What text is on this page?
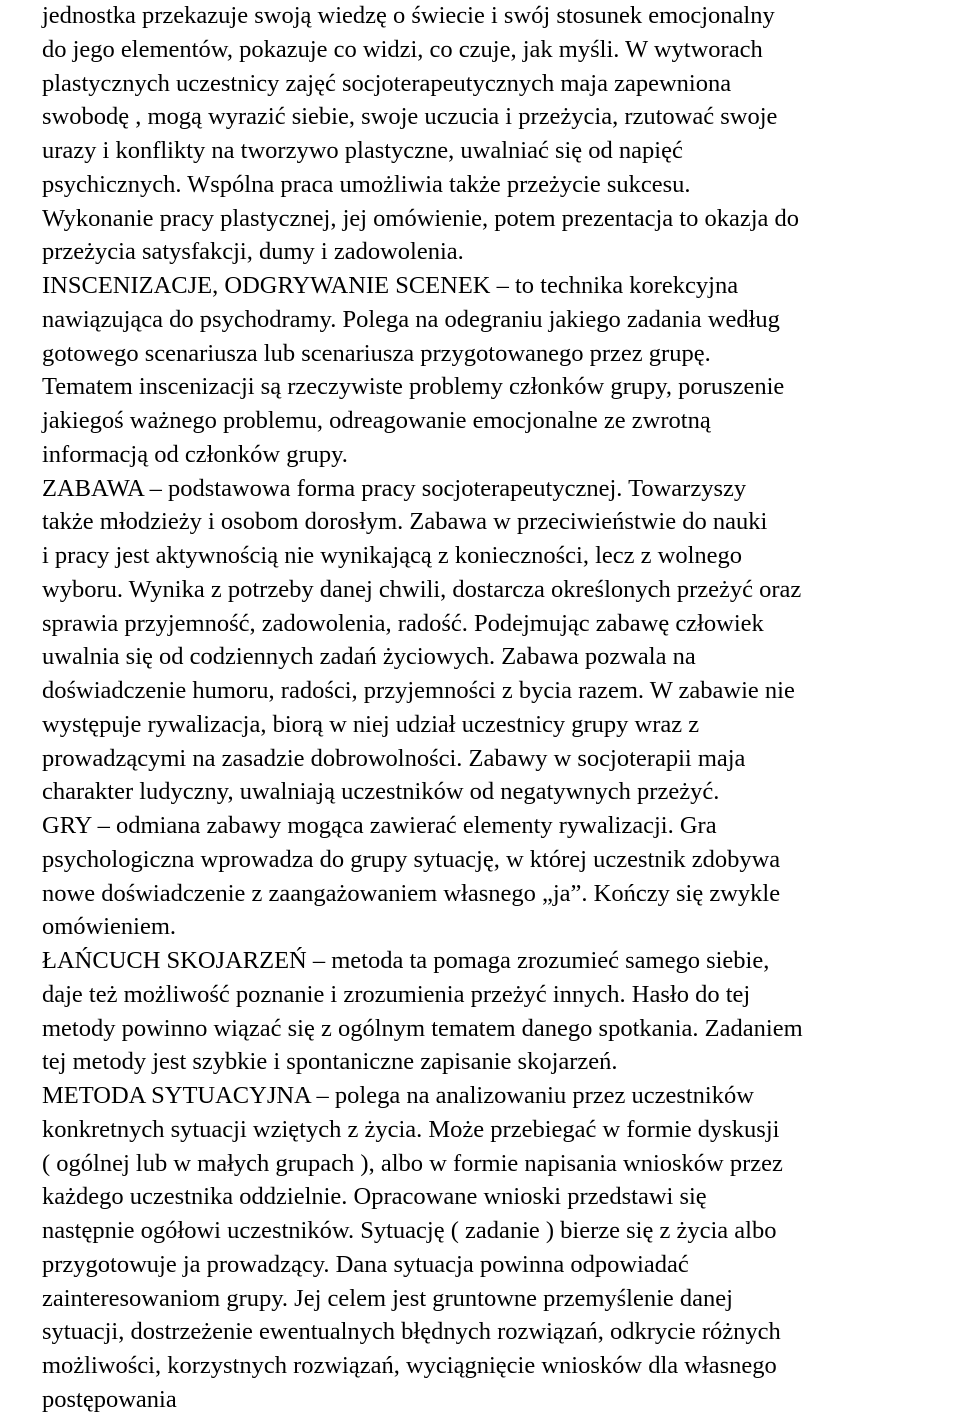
jednostka przekazuje swoją wiedzę o świecie i swój stosunek emocjonalny
do jego elementów, pokazuje co widzi, co czuje, jak myśli. W wytworach
plastycznych uczestnicy zajęć socjoterapeutycznych maja zapewniona
swobodę , mogą wyrazić siebie, swoje uczucia i przeżycia, rzutować swoje
urazy i konflikty na tworzywo plastyczne, uwalniać się od napięć
psychicznych. Wspólna praca umożliwia także przeżycie sukcesu.
Wykonanie pracy plastycznej, jej omówienie, potem prezentacja to okazja do
przeżycia satysfakcji, dumy i zadowolenia.
INSCENIZACJE, ODGRYWANIE SCENEK – to technika korekcyjna
nawiązująca do psychodramy. Polega na odegraniu jakiego zadania według
gotowego scenariusza lub scenariusza przygotowanego przez grupę.
Tematem inscenizacji są rzeczywiste problemy członków grupy, poruszenie
jakiegoś ważnego problemu, odreagowanie emocjonalne ze zwrotną
informacją od członków grupy.
ZABAWA – podstawowa forma pracy socjoterapeutycznej. Towarzyszy
także młodzieży i osobom dorosłym. Zabawa w przeciwieństwie do nauki
i pracy jest aktywnością nie wynikającą z konieczności, lecz z wolnego
wyboru. Wynika z potrzeby danej chwili, dostarcza określonych przeżyć oraz
sprawia przyjemność, zadowolenia, radość. Podejmując zabawę człowiek
uwalnia się od codziennych zadań życiowych. Zabawa pozwala na
doświadczenie humoru, radości, przyjemności z bycia razem. W zabawie nie
występuje rywalizacja, biorą w niej udział uczestnicy grupy wraz z
prowadzącymi na zasadzie dobrowolności. Zabawy w socjoterapii maja
charakter ludyczny, uwalniają uczestników od negatywnych przeżyć.
GRY – odmiana zabawy mogąca zawierać elementy rywalizacji. Gra
psychologiczna wprowadza do grupy sytuację, w której uczestnik zdobywa
nowe doświadczenie z zaangażowaniem własnego „ja”. Kończy się zwykle
omówieniem.
ŁAŃCUCH SKOJARZEŃ – metoda ta pomaga zrozumieć samego siebie,
daje też możliwość poznanie i zrozumienia przeżyć innych. Hasło do tej
metody powinno wiązać się z ogólnym tematem danego spotkania. Zadaniem
tej metody jest szybkie i spontaniczne zapisanie skojarzeń.
METODA SYTUACYJNA – polega na analizowaniu przez uczestników
konkretnych sytuacji wziętych z życia. Może przebiegać w formie dyskusji
( ogólnej lub w małych grupach ), albo w formie napisania wniosków przez
każdego uczestnika oddzielnie. Opracowane wnioski przedstawi się
następnie ogółowi uczestników. Sytuację ( zadanie ) bierze się z życia albo
przygotowuje ja prowadzący. Dana sytuacja powinna odpowiadać
zainteresowaniom grupy. Jej celem jest gruntowne przemyślenie danej
sytuacji, dostrzeżenie ewentualnych błędnych rozwiązań, odkrycie różnych
możliwości, korzystnych rozwiązań, wyciągnięcie wniosków dla własnego
postępowania
